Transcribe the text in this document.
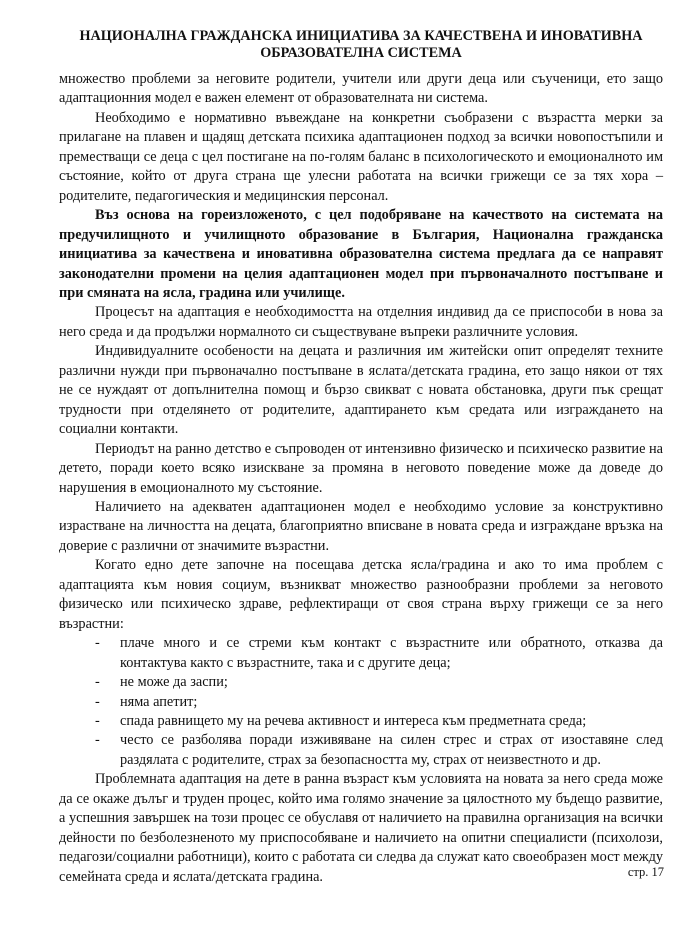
НАЦИОНАЛНА ГРАЖДАНСКА ИНИЦИАТИВА ЗА КАЧЕСТВЕНА И ИНОВАТИВНА
ОБРАЗОВАТЕЛНА СИСТЕМА

множество проблеми за неговите родители, учители или други деца или съученици, ето защо адаптационния модел е важен елемент от образователната ни система.

Необходимо е нормативно въвеждане на конкретни съобразени с възрастта мерки за прилагане на плавен и щадящ детската психика адаптационен подход за всички новопостъпили и преместващи се деца с цел постигане на по-голям баланс в психологическото и емоционалното им състояние, който от друга страна ще улесни работата на всички грижещи се за тях хора – родителите, педагогическия и медицинския персонал.

Въз основа на гореизложеното, с цел подобряване на качеството на системата на предучилищното и училищното образование в България, Национална гражданска инициатива за качествена и иновативна образователна система предлага да се направят законодателни промени на целия адаптационен модел при първоначалното постъпване и при смяната на ясла, градина или училище.

Процесът на адаптация е необходимостта на отделния индивид да се приспособи в нова за него среда и да продължи нормалното си съществуване въпреки различните условия.

Индивидуалните особености на децата и различния им житейски опит определят техните различни нужди при първоначално постъпване в яслата/детската градина, ето защо някои от тях не се нуждаят от допълнителна помощ и бързо свикват с новата обстановка, други пък срещат трудности при отделянето от родителите, адаптирането към средата или изграждането на социални контакти.

Периодът на ранно детство е съпроводен от интензивно физическо и психическо развитие на детето, поради което всяко изискване за промяна в неговото поведение може да доведе до нарушения в емоционалното му състояние.

Наличието на адекватен адаптационен модел е необходимо условие за конструктивно израстване на личността на децата, благоприятно вписване в новата среда и изграждане връзка на доверие с различни от значимите възрастни.

Когато едно дете започне на посещава детска ясла/градина и ако то има проблем с адаптацията към новия социум, възникват множество разнообразни проблеми за неговото физическо или психическо здраве, рефлектиращи от своя страна върху грижещи се за него възрастни:

- плаче много и се стреми към контакт с възрастните или обратното, отказва да контактува както с възрастните, така и с другите деца;
- не може да заспи;
- няма апетит;
- спада равнището му на речева активност и интереса към предметната среда;
- често се разболява поради изживяване на силен стрес и страх от изоставяне след раздялата с родителите, страх за безопасността му, страх от неизвестното и др.

Проблемната адаптация на дете в ранна възраст към условията на новата за него среда може да се окаже дълъг и труден процес, който има голямо значение за цялостното му бъдещо развитие, а успешния завършек на този процес се обуславя от наличието на правилна организация на всички дейности по безболезненото му приспособяване и наличието на опитни специалисти (психолози, педагози/социални работници), които с работата си следва да служат като своеобразен мост между семейната среда и яслата/детската градина.	стр. 17
